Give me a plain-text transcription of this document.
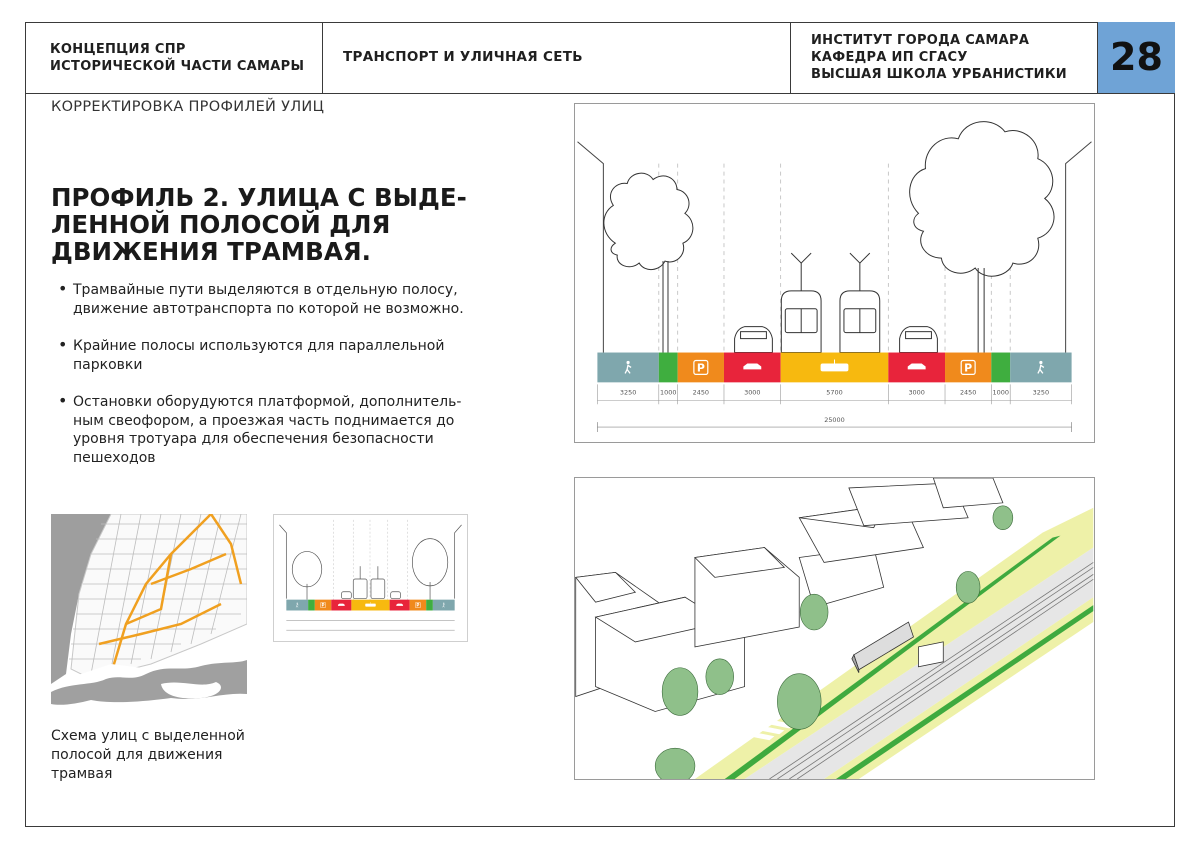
КОНЦЕПЦИЯ СПР
ИСТОРИЧЕСКОЙ ЧАСТИ САМАРЫ
ТРАНСПОРТ И УЛИЧНАЯ СЕТЬ
ИНСТИТУТ ГОРОДА САМАРА
КАФЕДРА ИП СГАСУ
ВЫСШАЯ ШКОЛА УРБАНИСТИКИ	28
КОРРЕКТИРОВКА ПРОФИЛЕЙ УЛИЦ
ПРОФИЛЬ 2. УЛИЦА С ВЫДЕ-
ЛЕННОЙ ПОЛОСОЙ ДЛЯ
ДВИЖЕНИЯ ТРАМВАЯ.
• Трамвайные пути выделяются в отдельную полосу,
движение автотранспорта по которой не возможно.
• Крайние полосы используются для параллельной
парковки
• Остановки оборудуются платформой, дополнитель-
ным свеофором, а проезжая часть поднимается до
уровня тротуара для обеспечения безопасности
пешеходов
Схема улиц с выделенной
полосой для движения
трамвая
P	P
P	P
3250	1000 2450	3000	5700	3000	2450 1000	3250
25000
